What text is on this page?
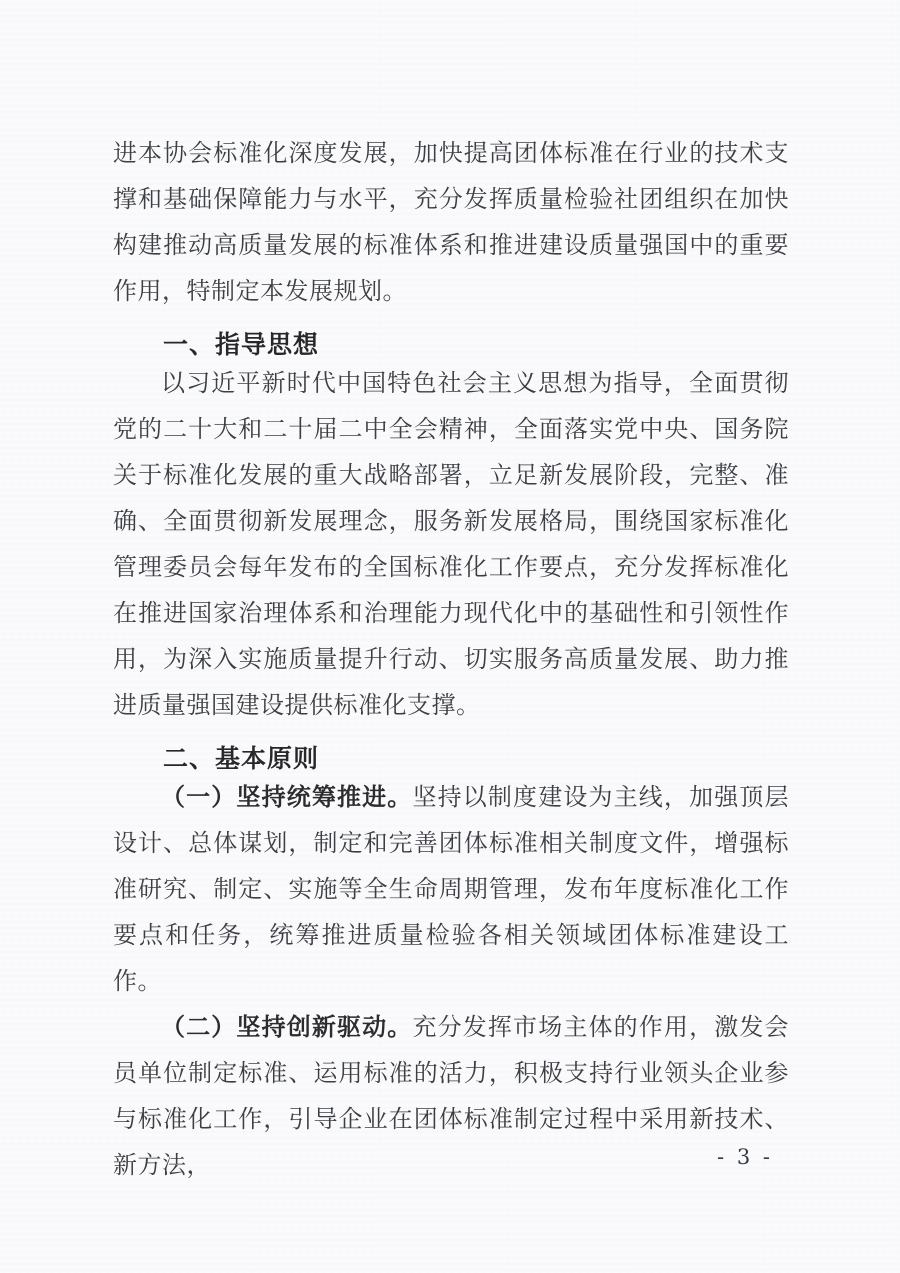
进本协会标准化深度发展，加快提高团体标准在行业的技术支撑和基础保障能力与水平，充分发挥质量检验社团组织在加快构建推动高质量发展的标准体系和推进建设质量强国中的重要作用，特制定本发展规划。

一、指导思想

以习近平新时代中国特色社会主义思想为指导，全面贯彻党的二十大和二十届二中全会精神，全面落实党中央、国务院关于标准化发展的重大战略部署，立足新发展阶段，完整、准确、全面贯彻新发展理念，服务新发展格局，围绕国家标准化管理委员会每年发布的全国标准化工作要点，充分发挥标准化在推进国家治理体系和治理能力现代化中的基础性和引领性作用，为深入实施质量提升行动、切实服务高质量发展、助力推进质量强国建设提供标准化支撑。

二、基本原则

（一）坚持统筹推进。坚持以制度建设为主线，加强顶层设计、总体谋划，制定和完善团体标准相关制度文件，增强标准研究、制定、实施等全生命周期管理，发布年度标准化工作要点和任务，统筹推进质量检验各相关领域团体标准建设工作。

（二）坚持创新驱动。充分发挥市场主体的作用，激发会员单位制定标准、运用标准的活力，积极支持行业领头企业参与标准化工作，引导企业在团体标准制定过程中采用新技术、新方法，	- 3 -
